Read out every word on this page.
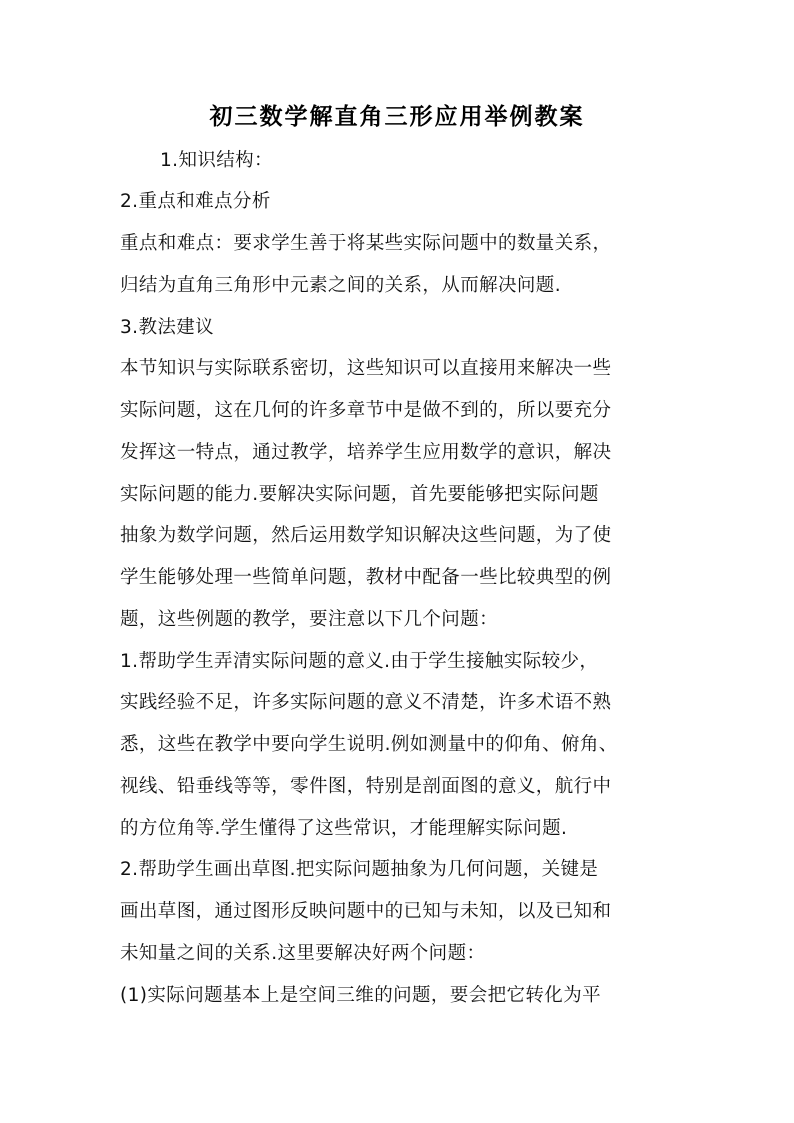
初三数学解直角三形应用举例教案
1.知识结构：
2.重点和难点分析
重点和难点：要求学生善于将某些实际问题中的数量关系，
归结为直角三角形中元素之间的关系，从而解决问题.
3.教法建议
本节知识与实际联系密切，这些知识可以直接用来解决一些
实际问题，这在几何的许多章节中是做不到的，所以要充分
发挥这一特点，通过教学，培养学生应用数学的意识，解决
实际问题的能力.要解决实际问题，首先要能够把实际问题
抽象为数学问题，然后运用数学知识解决这些问题，为了使
学生能够处理一些简单问题，教材中配备一些比较典型的例
题，这些例题的教学，要注意以下几个问题：
1.帮助学生弄清实际问题的意义.由于学生接触实际较少，
实践经验不足，许多实际问题的意义不清楚，许多术语不熟
悉，这些在教学中要向学生说明.例如测量中的仰角、俯角、
视线、铅垂线等等，零件图，特别是剖面图的意义，航行中
的方位角等.学生懂得了这些常识，才能理解实际问题.
2.帮助学生画出草图.把实际问题抽象为几何问题，关键是
画出草图，通过图形反映问题中的已知与未知，以及已知和
未知量之间的关系.这里要解决好两个问题：
(1)实际问题基本上是空间三维的问题，要会把它转化为平
